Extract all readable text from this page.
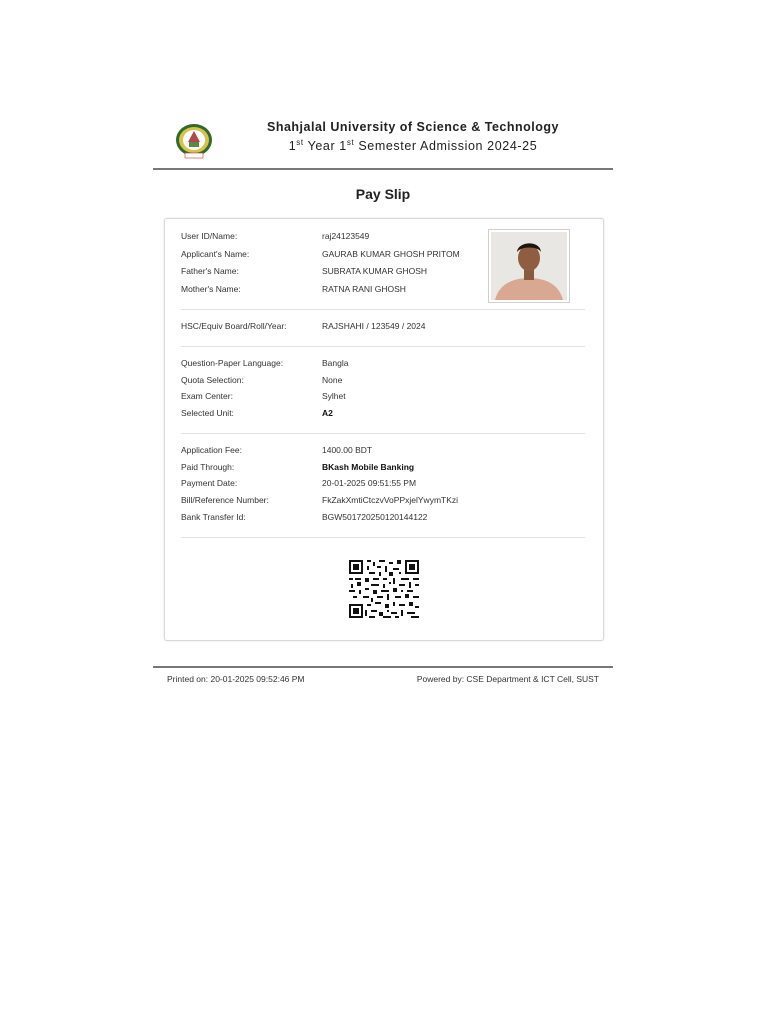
Shahjalal University of Science & Technology
1st Year 1st Semester Admission 2024-25
Pay Slip
User ID/Name:	raj24123549
Applicant's Name:	GAURAB KUMAR GHOSH PRITOM
Father's Name:	SUBRATA KUMAR GHOSH
Mother's Name:	RATNA RANI GHOSH
HSC/Equiv Board/Roll/Year:	RAJSHAHI / 123549 / 2024
Question-Paper Language:	Bangla
Quota Selection:	None
Exam Center:	Sylhet
Selected Unit:	A2
Application Fee:	1400.00 BDT
Paid Through:	BKash Mobile Banking
Payment Date:	20-01-2025 09:51:55 PM
Bill/Reference Number:	FkZakXmtiCtczvVoPPxjelYwymTKzi
Bank Transfer Id:	BGW501720250120144122
Printed on: 20-01-2025 09:52:46 PM	Powered by: CSE Department & ICT Cell, SUST
